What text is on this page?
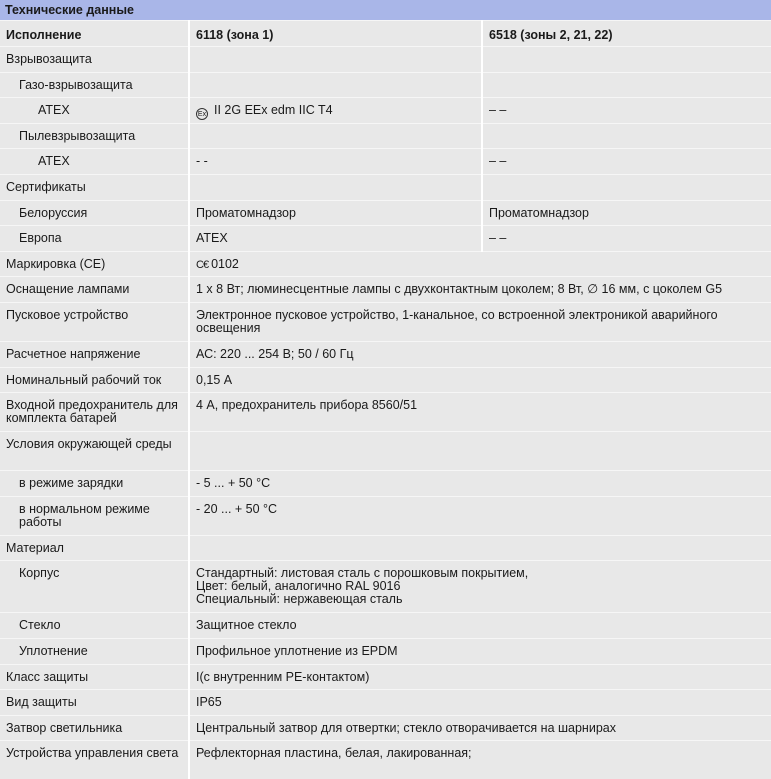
Технические данные
Исполнение	6118 (зона 1)	6518 (зоны 2, 21, 22)

Взрывозащита		

Газо-взрывозащита		

ATEX	Ex II 2G EEx edm IIC T4	– –

Пылевзрывозащита		

ATEX	- -	– –

Сертификаты		

Белоруссия	Проматомнадзор	Проматомнадзор

Европа	ATEX	– –

Маркировка (CE)	C€ 0102	

Оснащение лампами	1 х 8 Вт; люминесцентные лампы с двухконтактным цоколем; 8 Вт, ∅ 16 мм, с цоколем G5	

Пусковое устройство	Электронное пусковое устройство, 1-канальное, со встроенной электроникой аварийного освещения	

Расчетное напряжение	АС: 220 ... 254 В; 50 / 60 Гц	

Номинальный рабочий ток	0,15 А	

Входной предохранитель для комплекта батарей	4 А, предохранитель прибора 8560/51	

Условия окружающей среды		

в режиме зарядки	- 5 ... + 50 °C	

в нормальном режиме работы	- 20 ... + 50 °C	

Материал		

Корпус	Стандартный: листовая сталь с порошковым покрытием,
Цвет: белый, аналогично RAL 9016
Специальный: нержавеющая сталь	

Стекло	Защитное стекло	

Уплотнение	Профильное уплотнение из EPDM	

Класс защиты	I(с внутренним PE-контактом)	

Вид защиты	IP65	

Затвор светильника	Центральный затвор для отвертки; стекло отворачивается на шарнирах	

Устройства управления света	Рефлекторная пластина, белая, лакированная;	
